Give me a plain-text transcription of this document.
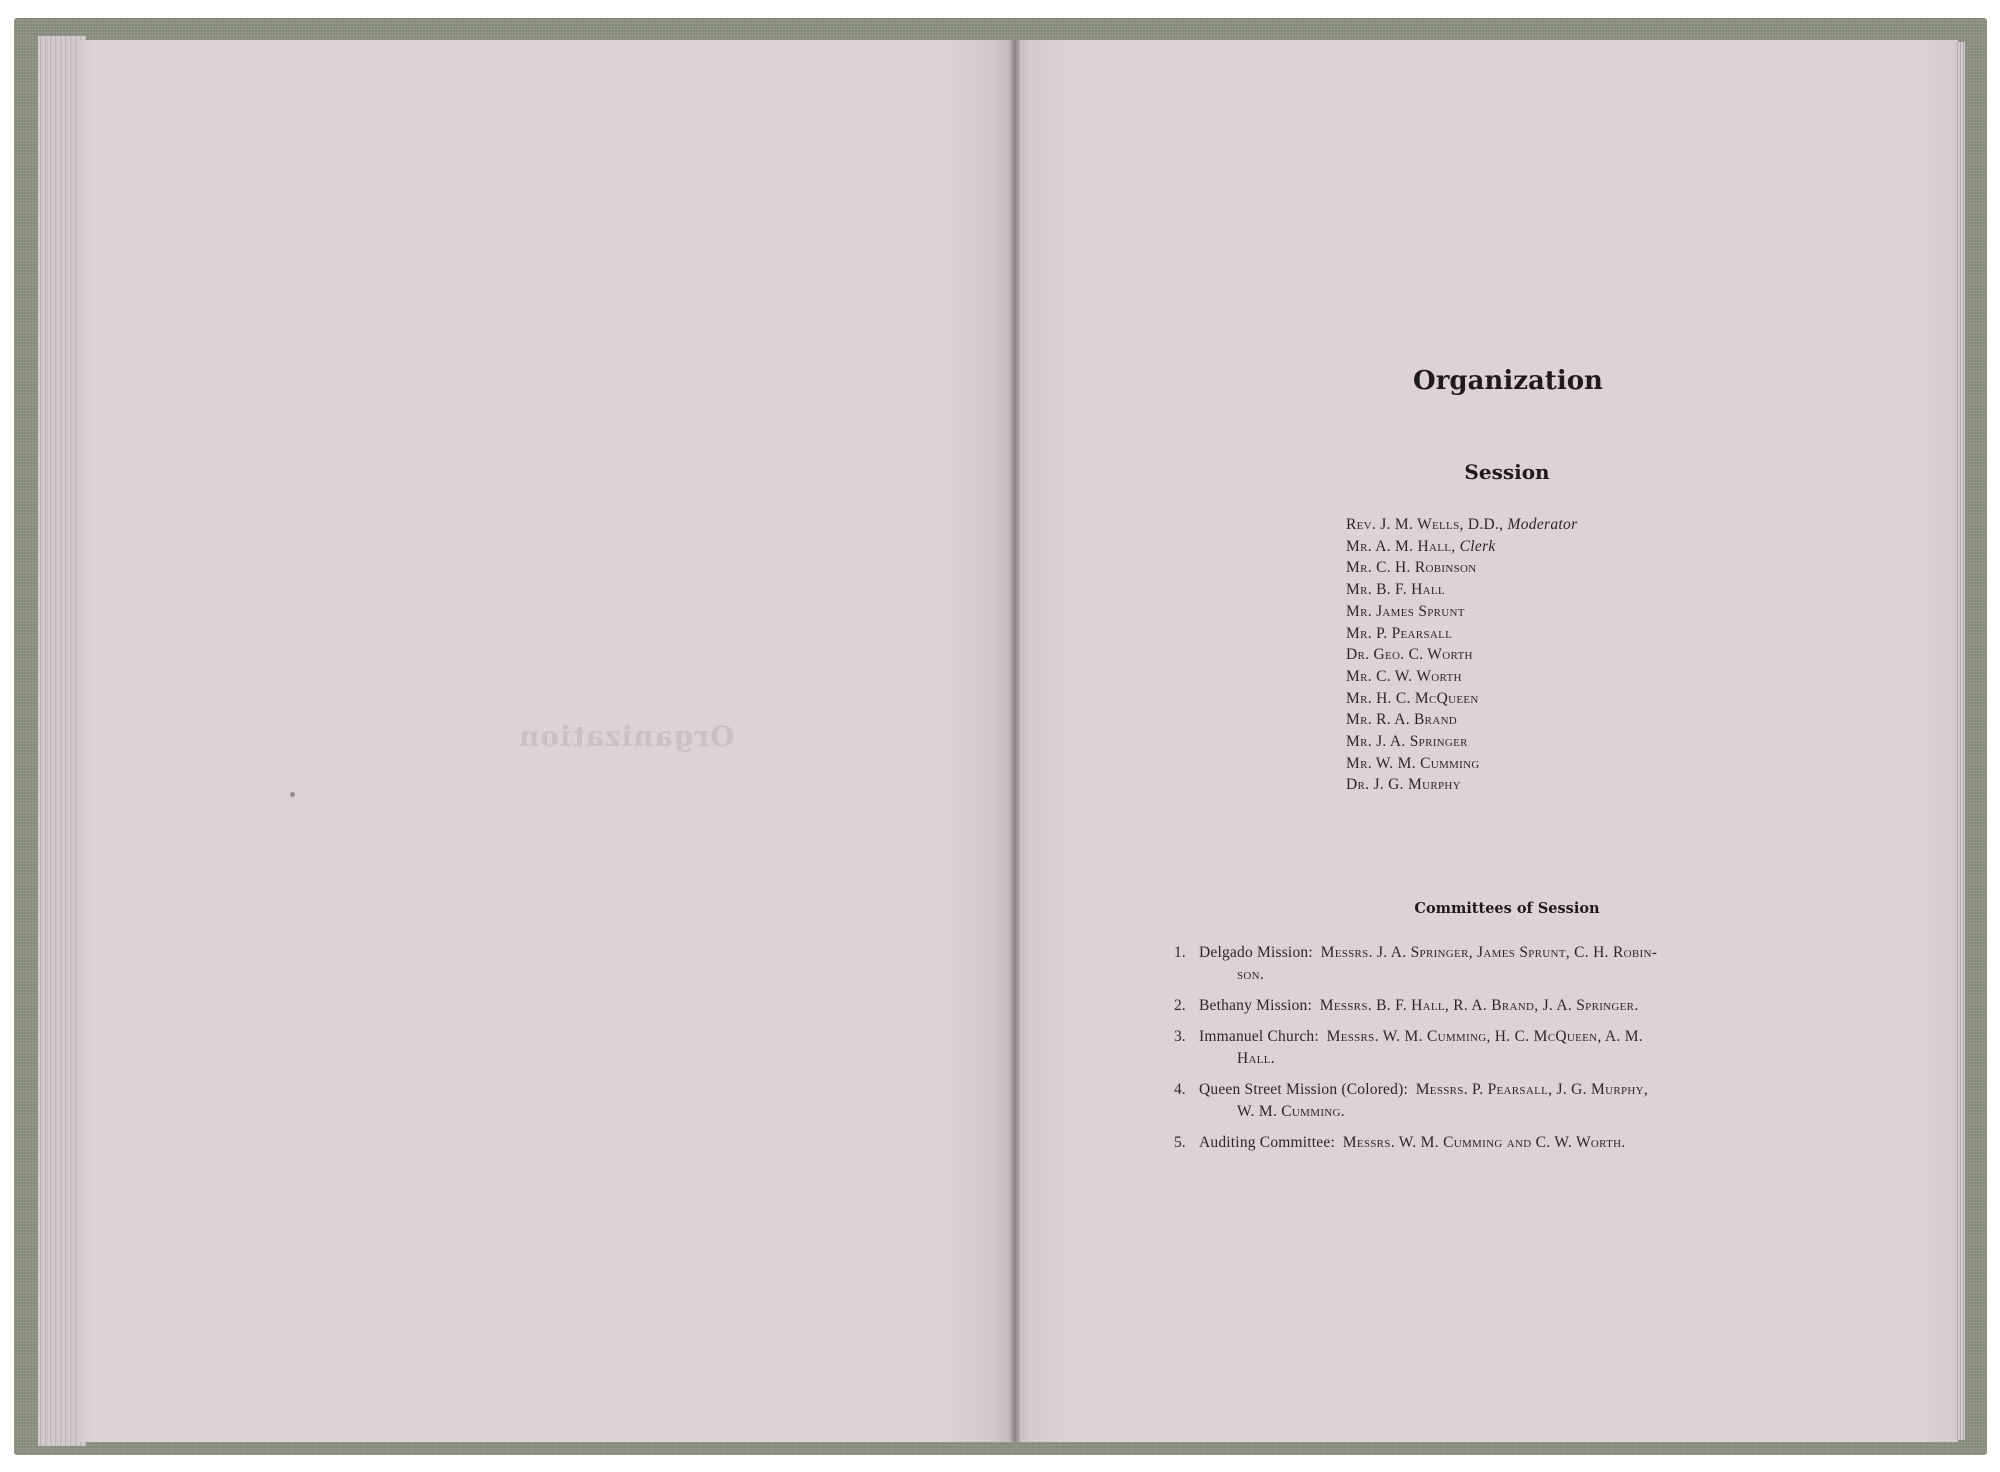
Organization
Organization
Session
Rev. J. M. Wells, D.D., Moderator
Mr. A. M. Hall, Clerk
Mr. C. H. Robinson
Mr. B. F. Hall
Mr. James Sprunt
Mr. P. Pearsall
Dr. Geo. C. Worth
Mr. C. W. Worth
Mr. H. C. McQueen
Mr. R. A. Brand
Mr. J. A. Springer
Mr. W. M. Cumming
Dr. J. G. Murphy
Committees of Session
1. Delgado Mission: Messrs. J. A. Springer, James Sprunt, C. H. Robin-
son.
2. Bethany Mission: Messrs. B. F. Hall, R. A. Brand, J. A. Springer.
3. Immanuel Church: Messrs. W. M. Cumming, H. C. McQueen, A. M.
Hall.
4. Queen Street Mission (Colored): Messrs. P. Pearsall, J. G. Murphy,
W. M. Cumming.
5. Auditing Committee: Messrs. W. M. Cumming and C. W. Worth.
